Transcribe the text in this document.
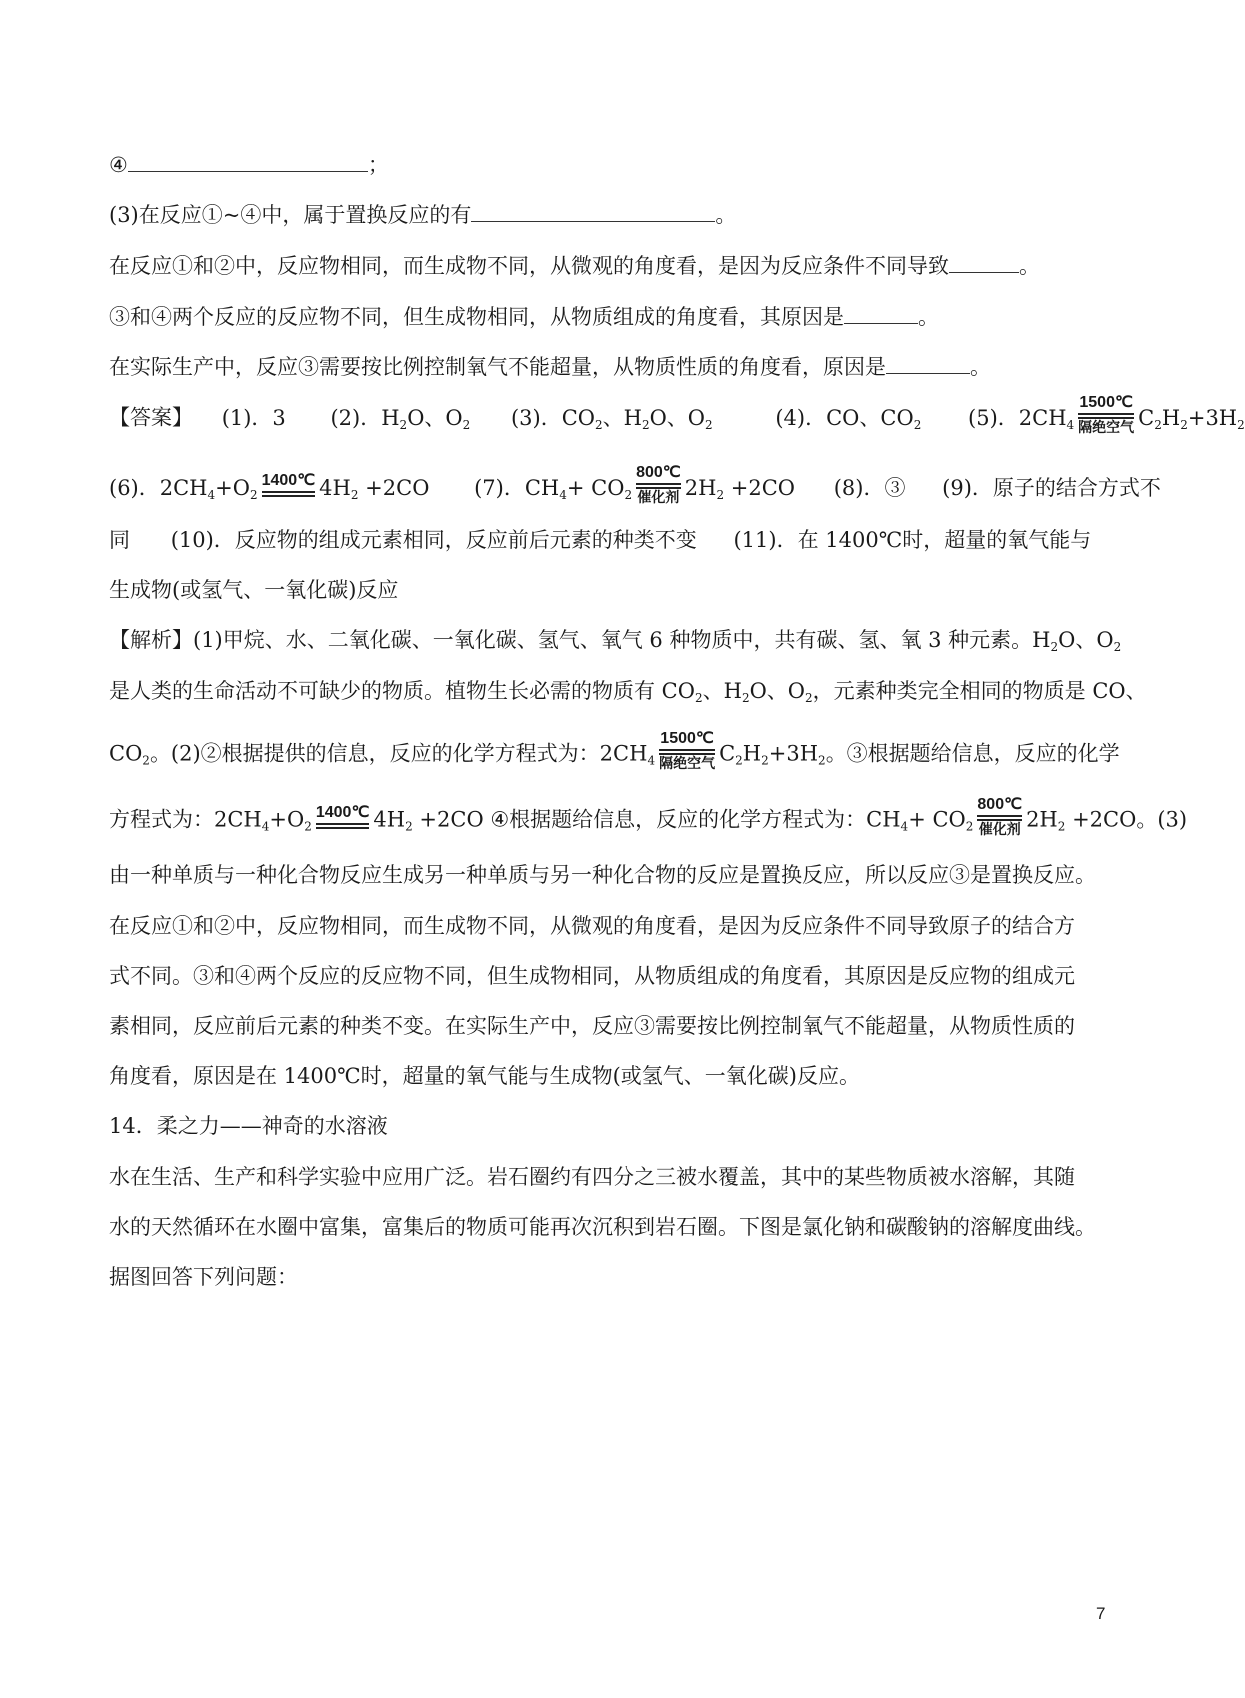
④	；
(3)在反应①~④中，属于置换反应的有	。
在反应①和②中，反应物相同，而生成物不同，从微观的角度看，是因为反应条件不同导致	。
③和④两个反应的反应物不同，但生成物相同，从物质组成的角度看，其原因是	。
在实际生产中，反应③需要按比例控制氧气不能超量，从物质性质的角度看，原因是	。
【答案】 (1)．3 (2)．$H_2O$、$O_2$ (3)．$CO_2$、$H_2O$、$O_2$	(4)．CO、$CO_2$ (5)．$2CH_4$
1500℃
隔绝空气 $C_2H_2+3H_2$
(6)．$2CH_4+O_2$
1400℃ $4H_2 +2CO$ (7)．$CH_4+ CO_2$
800℃
催化剂 $2H_2 +2CO$ (8)．③ (9)．原子的结合方式不
同 (10)．反应物的组成元素相同，反应前后元素的种类不变 (11)．在 1400℃时，超量的氧气能与
生成物(或氢气、一氧化碳)反应
【解析】(1)甲烷、水、二氧化碳、一氧化碳、氢气、氧气 6 种物质中，共有碳、氢、氧 3 种元素。$H_2O$、$O_2$
是人类的生命活动不可缺少的物质。植物生长必需的物质有 $CO_2$、$H_2O$、$O_2$，元素种类完全相同的物质是 CO、
$CO_2$。(2)②根据提供的信息，反应的化学方程式为：$2CH_4$
1500℃
隔绝空气 $C_2H_2+3H_2$。③根据题给信息，反应的化学
方程式为：$2CH_4+O_2$
1400℃ $4H_2 +2CO$ ④根据题给信息，反应的化学方程式为：$CH_4+ CO_2$
800℃
催化剂 $2H_2 +2CO$。(3)
由一种单质与一种化合物反应生成另一种单质与另一种化合物的反应是置换反应，所以反应③是置换反应。
在反应①和②中，反应物相同，而生成物不同，从微观的角度看，是因为反应条件不同导致原子的结合方
式不同。③和④两个反应的反应物不同，但生成物相同，从物质组成的角度看，其原因是反应物的组成元
素相同，反应前后元素的种类不变。在实际生产中，反应③需要按比例控制氧气不能超量，从物质性质的
角度看，原因是在 1400℃时，超量的氧气能与生成物(或氢气、一氧化碳)反应。
14．柔之力——神奇的水溶液
水在生活、生产和科学实验中应用广泛。岩石圈约有四分之三被水覆盖，其中的某些物质被水溶解，其随
水的天然循环在水圈中富集，富集后的物质可能再次沉积到岩石圈。下图是氯化钠和碳酸钠的溶解度曲线。
据图回答下列问题：
7
